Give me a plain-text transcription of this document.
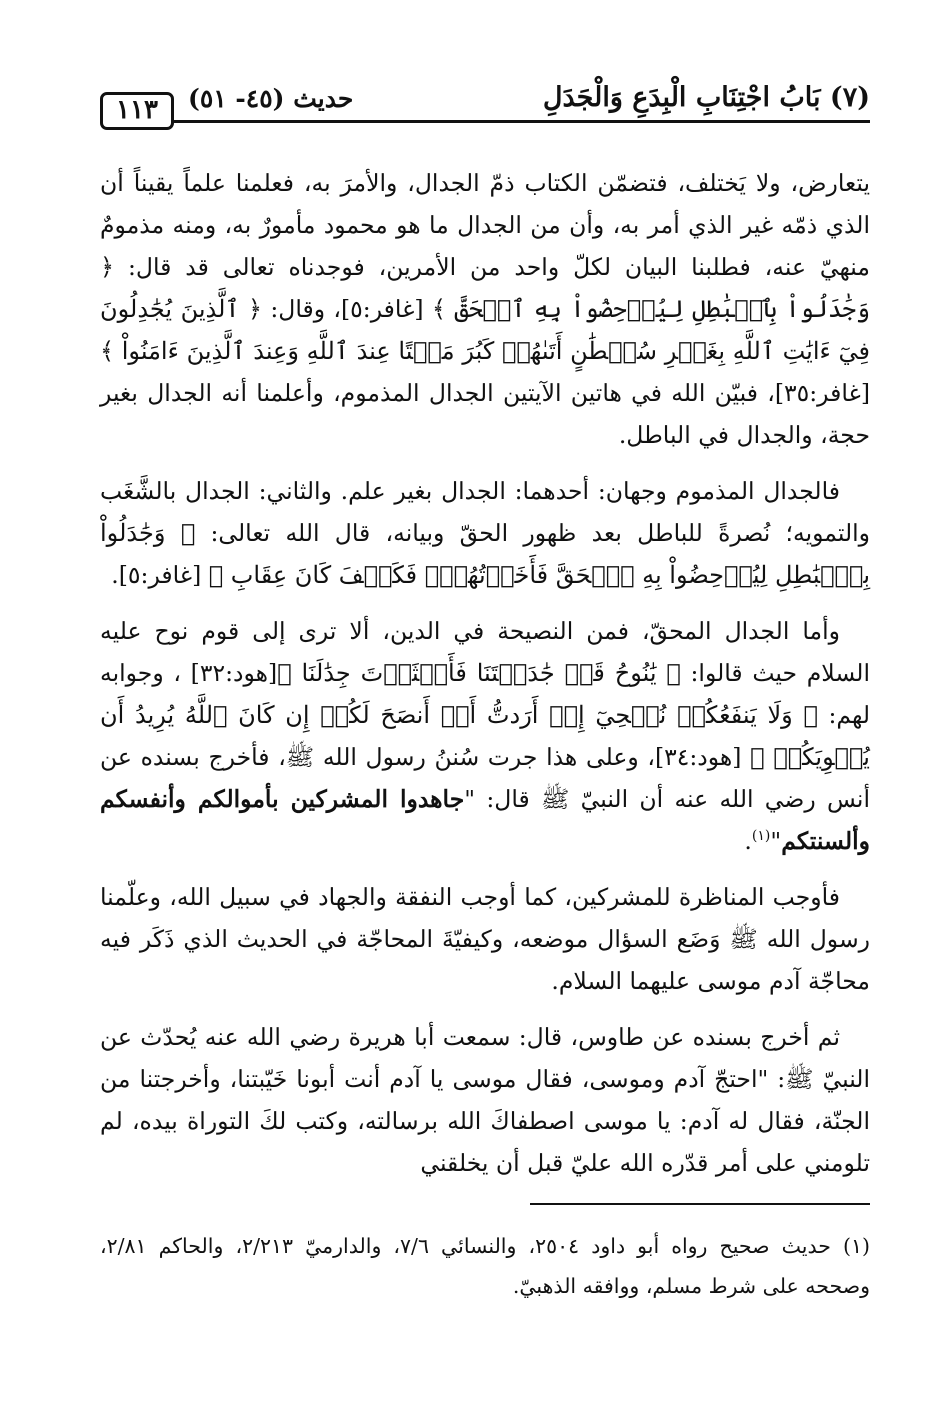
١١٣	حديث (٤٥- ٥١)	(٧) بَابُ اجْتِنَابِ الْبِدَعِ وَالْجَدَلِ

يتعارض، ولا يَختلف، فتضمّن الكتاب ذمّ الجدال، والأمرَ به، فعلمنا علماً يقيناً أن الذي ذمّه غير الذي أمر به، وأن من الجدال ما هو محمود مأمورٌ به، ومنه مذمومٌ منهيّ عنه، فطلبنا البيان لكلّ واحد من الأمرين، فوجدناه تعالى قد قال: ﴿ وَجَٰدَلُواْ بِٱلۡبَٰطِلِ لِيُدۡحِضُواْ بِهِ ٱلۡحَقَّ ﴾ [غافر:٥]، وقال: ﴿ ٱلَّذِينَ يُجَٰدِلُونَ فِيٓ ءَايَٰتِ ٱللَّهِ بِغَيۡرِ سُلۡطَٰنٍ أَتَىٰهُمۡ كَبُرَ مَقۡتًا عِندَ ٱللَّهِ وَعِندَ ٱلَّذِينَ ءَامَنُواْ ﴾ [غافر:٣٥]، فبيّن الله في هاتين الآيتين الجدال المذموم، وأعلمنا أنه الجدال بغير حجة، والجدال في الباطل.

فالجدال المذموم وجهان: أحدهما: الجدال بغير علم. والثاني: الجدال بالشَّغَب والتمويه؛ نُصرةً للباطل بعد ظهور الحقّ وبيانه، قال الله تعالى: ﴿ وَجَٰدَلُواْ بِٱلۡبَٰطِلِ لِيُدۡحِضُواْ بِهِ ٱلۡحَقَّ فَأَخَذۡتُهُمۡۖ فَكَيۡفَ كَانَ عِقَابِ ﴾ [غافر:٥].

وأما الجدال المحقّ، فمن النصيحة في الدين، ألا ترى إلى قوم نوح عليه السلام حيث قالوا: ﴿ يَٰنُوحُ قَدۡ جَٰدَلۡتَنَا فَأَكۡثَرۡتَ جِدَٰلَنَا ﴾[هود:٣٢] ، وجوابه لهم: ﴿ وَلَا يَنفَعُكُمۡ نُصۡحِيٓ إِنۡ أَرَدتُّ أَنۡ أَنصَحَ لَكُمۡ إِن كَانَ ٱللَّهُ يُرِيدُ أَن يُغۡوِيَكُمۡ ﴾ [هود:٣٤]، وعلى هذا جرت سُننُ رسول الله ﷺ، فأخرج بسنده عن أنس رضي الله عنه أن النبيّ ﷺ قال: "جاهدوا المشركين بأموالكم وأنفسكم وألسنتكم"$^{(١)}$.

فأوجب المناظرة للمشركين، كما أوجب النفقة والجهاد في سبيل الله، وعلّمنا رسول الله ﷺ وَضَع السؤال موضعه، وكيفيّةَ المحاجّة في الحديث الذي ذَكَر فيه محاجّة آدم موسى عليهما السلام.

ثم أخرج بسنده عن طاوس، قال: سمعت أبا هريرة رضي الله عنه يُحدّث عن النبيّ ﷺ: "احتجّ آدم وموسى، فقال موسى يا آدم أنت أبونا خَيّبتنا، وأخرجتنا من الجنّة، فقال له آدم: يا موسى اصطفاكَ الله برسالته، وكتب لكَ التوراة بيده، لم تلومني على أمر قدّره الله عليّ قبل أن يخلقني

(١) حديث صحيح رواه أبو داود ٢٥٠٤، والنسائي ٧/٦، والدارميّ ٢/٢١٣، والحاكم ٢/٨١، وصححه على شرط مسلم، ووافقه الذهبيّ.
